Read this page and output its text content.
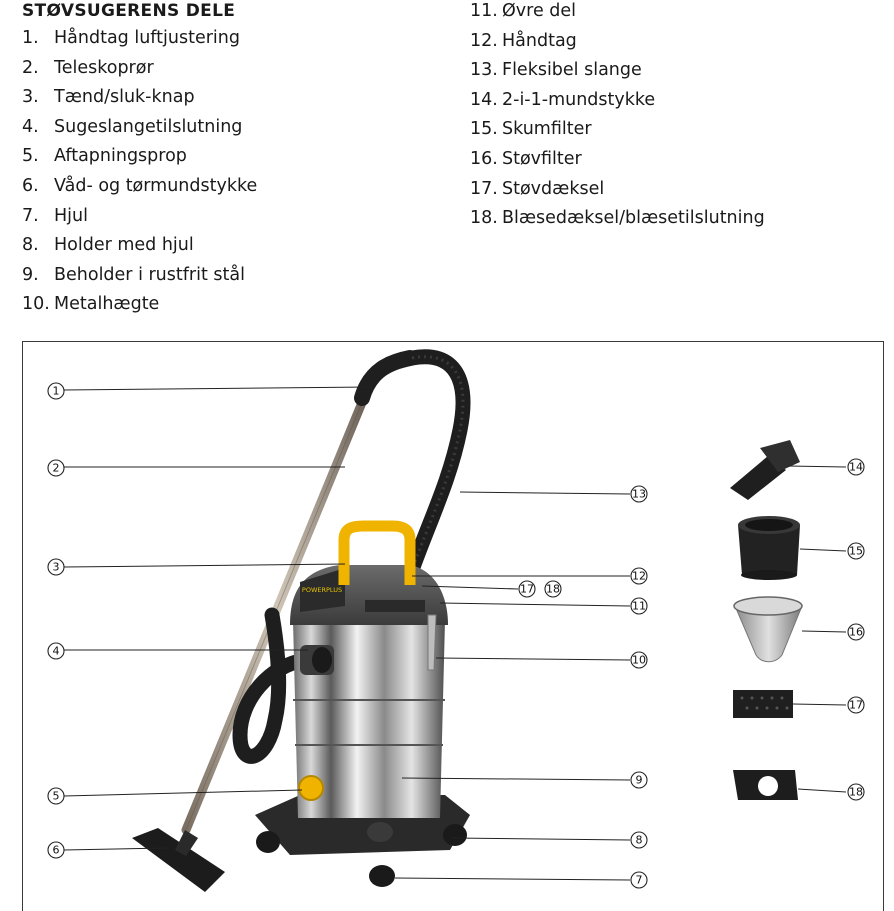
STØVSUGERENS DELE
1. Håndtag luftjustering
2. Teleskoprør
3. Tænd/sluk-knap
4. Sugeslangetilslutning
5. Aftapningsprop
6. Våd- og tørmundstykke
7. Hjul
8. Holder med hjul
9. Beholder i rustfrit stål
10. Metalhægte
11. Øvre del
12. Håndtag
13. Fleksibel slange
14. 2-i-1-mundstykke
15. Skumfilter
16. Støvfilter
17. Støvdæksel
18. Blæsedæksel/blæsetilslutning
POWERPLUS
1
2
3
4
5
6
7
8
9
10
11
12
13
17 18
14
15
16
17
18
